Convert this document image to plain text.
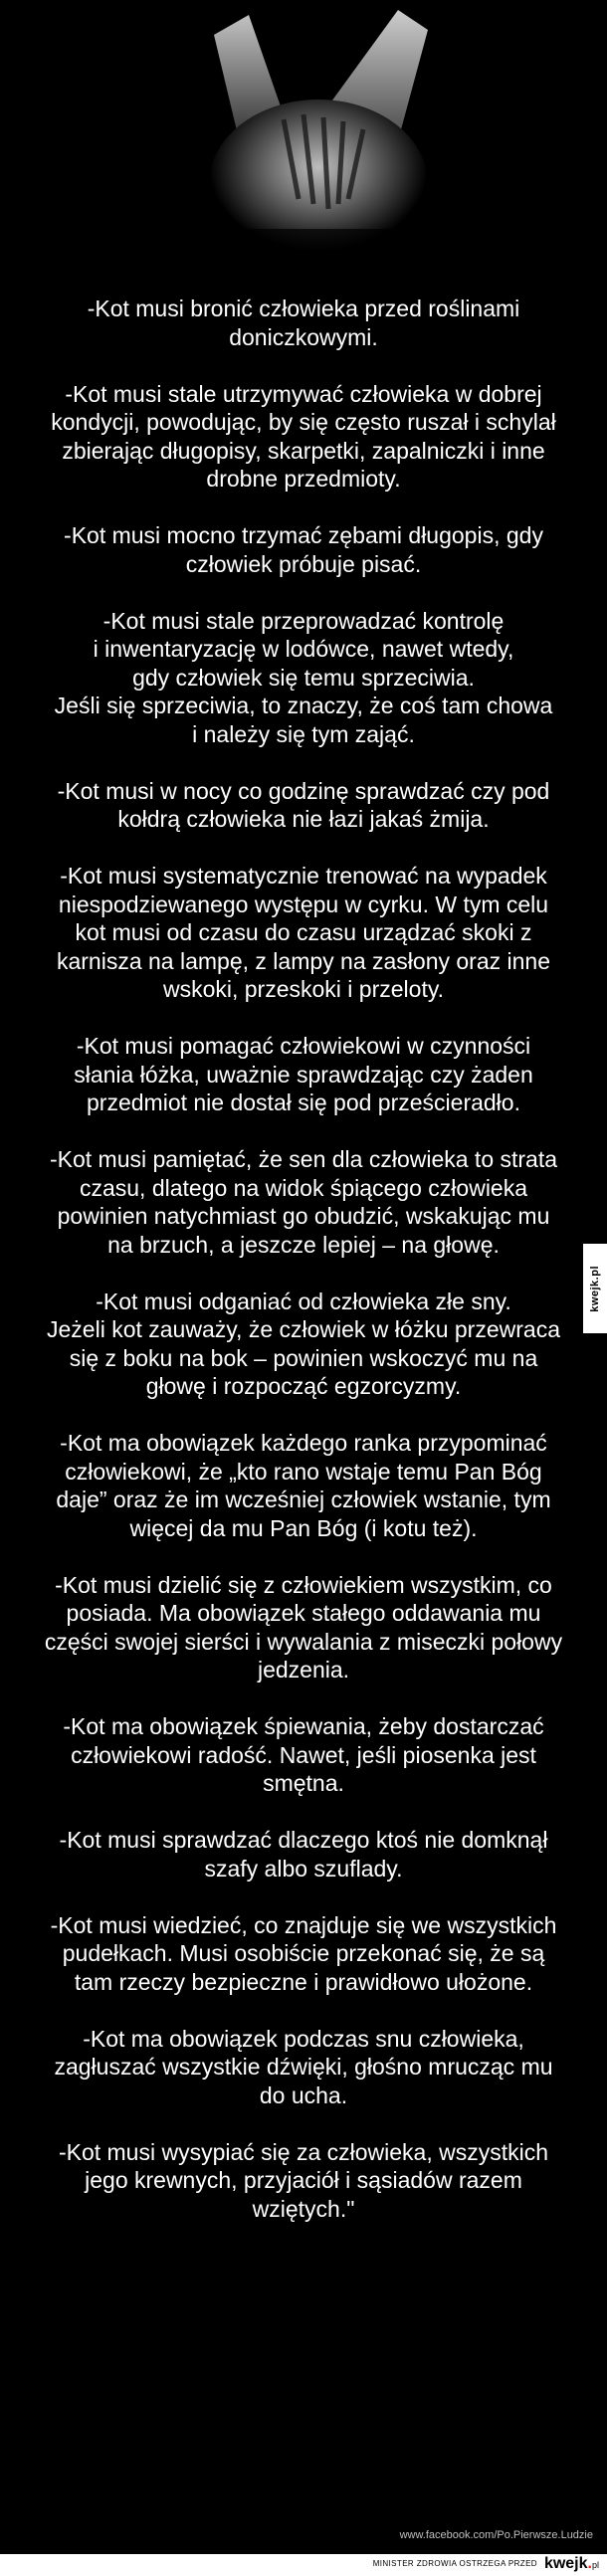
-Kot musi bronić człowieka przed roślinami
doniczkowymi.

-Kot musi stale utrzymywać człowieka w dobrej
kondycji, powodując, by się często ruszał i schylał
zbierając długopisy, skarpetki, zapalniczki i inne
drobne przedmioty.

-Kot musi mocno trzymać zębami długopis, gdy
człowiek próbuje pisać.

-Kot musi stale przeprowadzać kontrolę
i inwentaryzację w lodówce, nawet wtedy,
gdy człowiek się temu sprzeciwia.
Jeśli się sprzeciwia, to znaczy, że coś tam chowa
i należy się tym zająć.

-Kot musi w nocy co godzinę sprawdzać czy pod
kołdrą człowieka nie łazi jakaś żmija.

-Kot musi systematycznie trenować na wypadek
niespodziewanego występu w cyrku. W tym celu
kot musi od czasu do czasu urządzać skoki z
karnisza na lampę, z lampy na zasłony oraz inne
wskoki, przeskoki i przeloty.

-Kot musi pomagać człowiekowi w czynności
słania łóżka, uważnie sprawdzając czy żaden
przedmiot nie dostał się pod prześcieradło.

-Kot musi pamiętać, że sen dla człowieka to strata
czasu, dlatego na widok śpiącego człowieka
powinien natychmiast go obudzić, wskakując mu
na brzuch, a jeszcze lepiej – na głowę.

-Kot musi odganiać od człowieka złe sny.
Jeżeli kot zauważy, że człowiek w łóżku przewraca
się z boku na bok – powinien wskoczyć mu na
głowę i rozpocząć egzorcyzmy.

-Kot ma obowiązek każdego ranka przypominać
człowiekowi, że „kto rano wstaje temu Pan Bóg
daje” oraz że im wcześniej człowiek wstanie, tym
więcej da mu Pan Bóg (i kotu też).

-Kot musi dzielić się z człowiekiem wszystkim, co
posiada. Ma obowiązek stałego oddawania mu
części swojej sierści i wywalania z miseczki połowy
jedzenia.

-Kot ma obowiązek śpiewania, żeby dostarczać
człowiekowi radość. Nawet, jeśli piosenka jest
smętna.

-Kot musi sprawdzać dlaczego ktoś nie domknął
szafy albo szuflady.

-Kot musi wiedzieć, co znajduje się we wszystkich
pudełkach. Musi osobiście przekonać się, że są
tam rzeczy bezpieczne i prawidłowo ułożone.

-Kot ma obowiązek podczas snu człowieka,
zagłuszać wszystkie dźwięki, głośno mrucząc mu
do ucha.

-Kot musi wysypiać się za człowieka, wszystkich
jego krewnych, przyjaciół i sąsiadów razem
wziętych."

kwejk.pl
www.facebook.com/Po.Pierwsze.Ludzie
MINISTER ZDROWIA OSTRZEGA PRZED kwejk.pl
